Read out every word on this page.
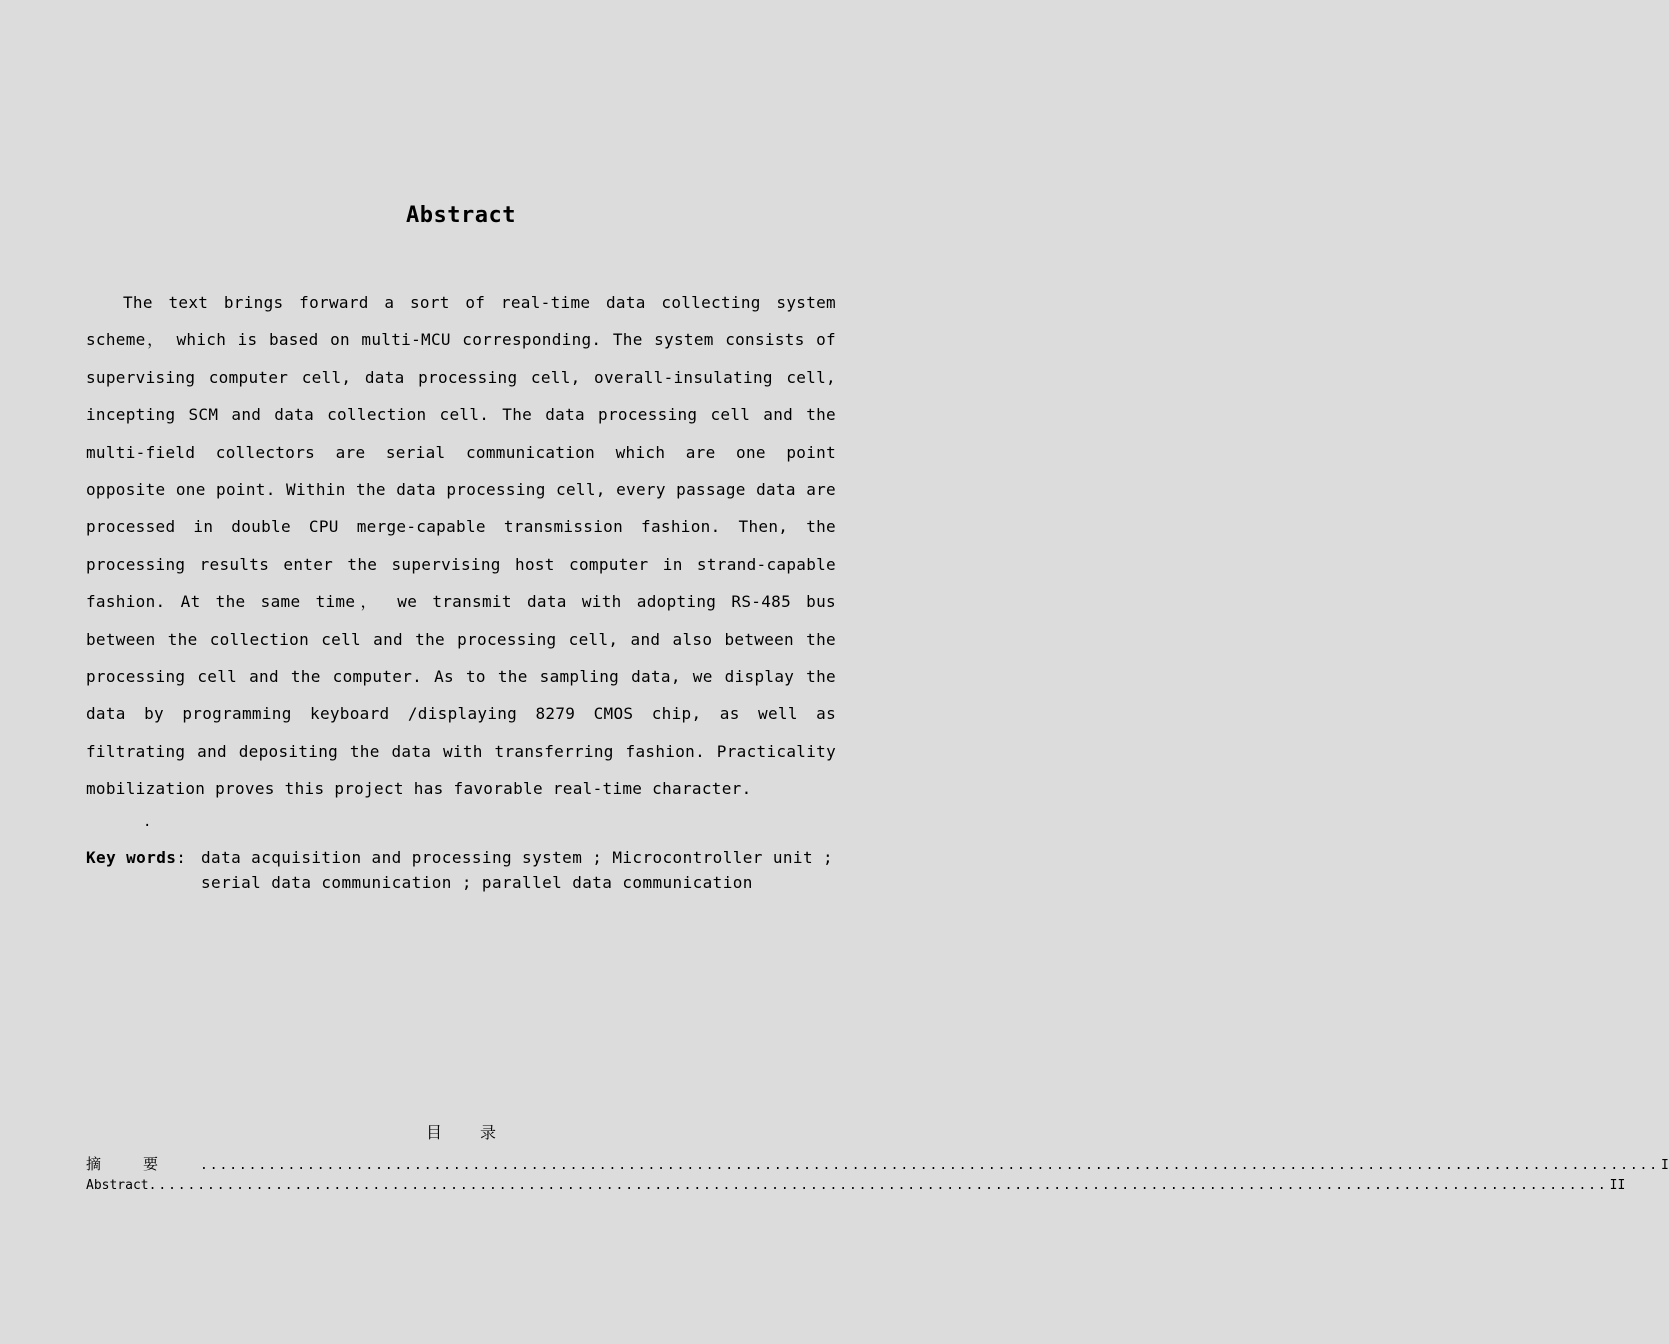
Abstract
The text brings forward a sort of real-time data collecting system scheme， which is based on multi-MCU corresponding. The system consists of supervising computer cell, data processing cell, overall-insulating cell, incepting SCM and data collection cell. The data processing cell and the multi-field collectors are serial communication which are one point opposite one point. Within the data processing cell, every passage data are processed in double CPU merge-capable transmission fashion. Then, the processing results enter the supervising host computer in strand-capable fashion. At the same time， we transmit data with adopting RS-485 bus between the collection cell and the processing cell, and also between the processing cell and the computer. As to the sampling data, we display the data by programming keyboard /displaying 8279 CMOS chip, as well as filtrating and depositing the data with transferring fashion. Practicality mobilization proves this project has favorable real-time character.
.
Key words: data acquisition and processing system ; Microcontroller unit ;
serial data communication ; parallel data communication
目录
摘要 ...................................................................................................................................................... I
Abstract ...................................................................................................................................................... II
